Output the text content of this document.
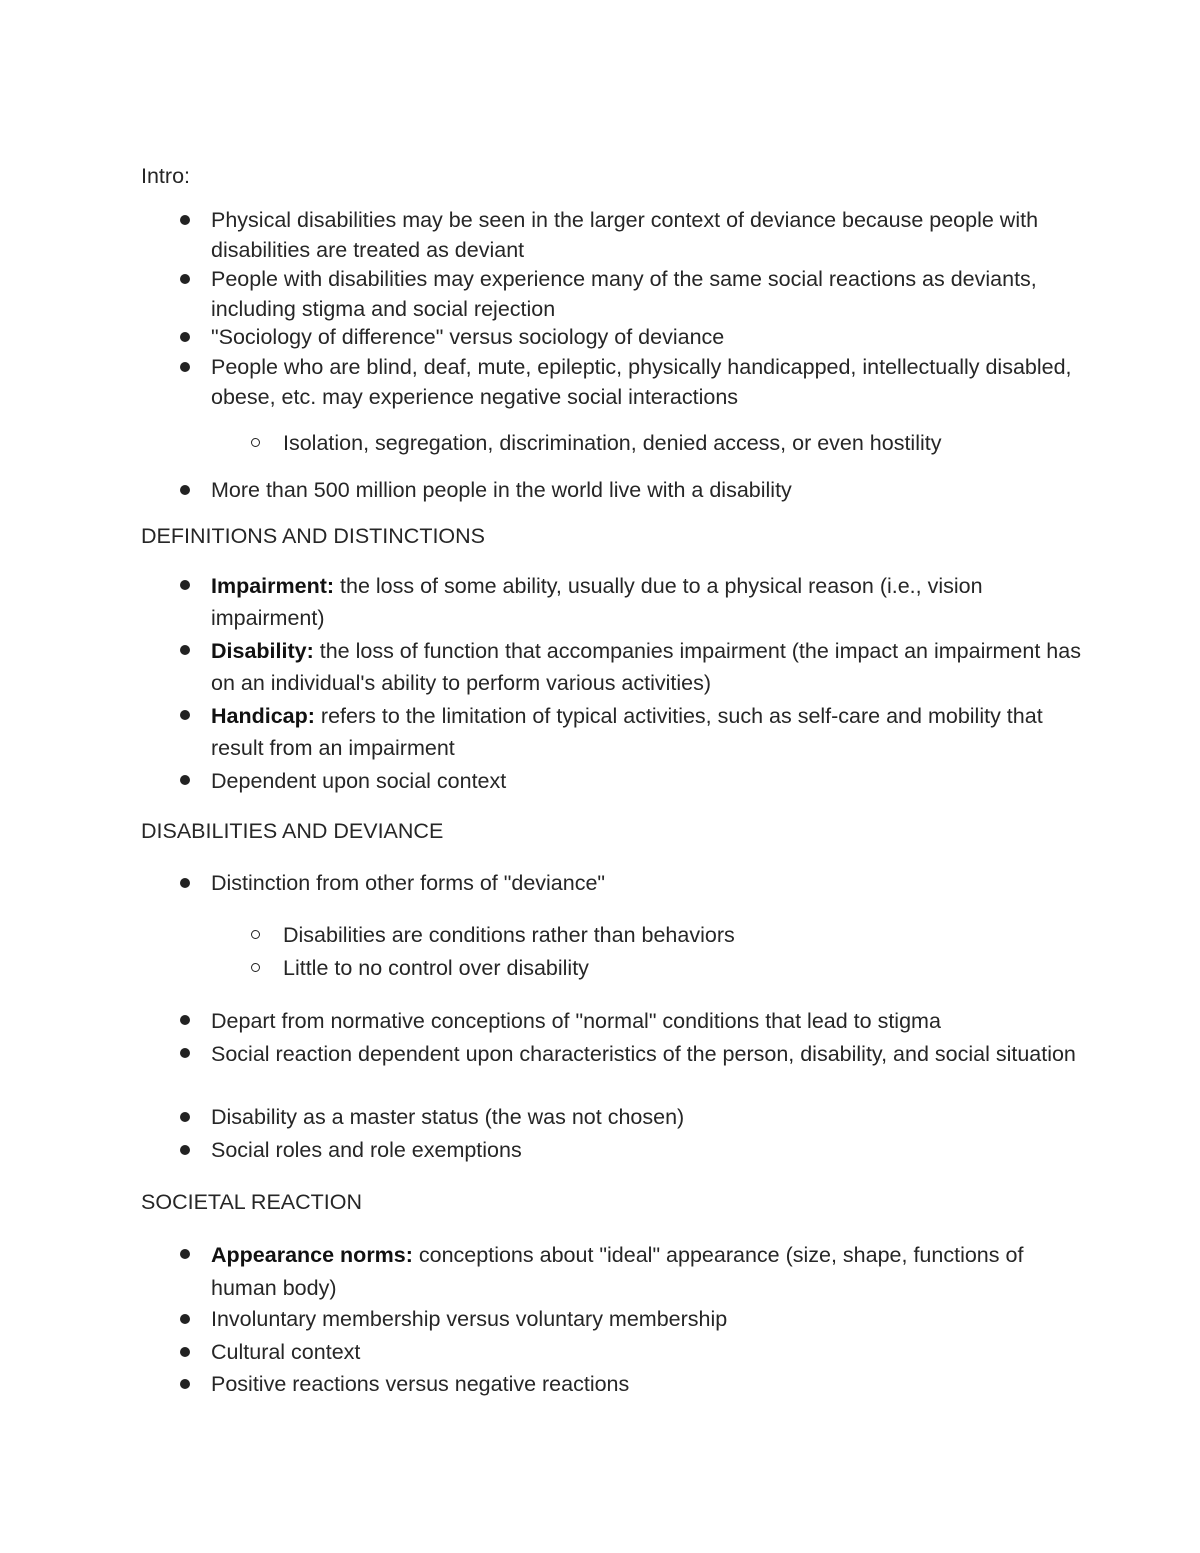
Intro:
Physical disabilities may be seen in the larger context of deviance because people with disabilities are treated as deviant
People with disabilities may experience many of the same social reactions as deviants, including stigma and social rejection
"Sociology of difference" versus sociology of deviance
People who are blind, deaf, mute, epileptic, physically handicapped, intellectually disabled, obese, etc. may experience negative social interactions
Isolation, segregation, discrimination, denied access, or even hostility
More than 500 million people in the world live with a disability
DEFINITIONS AND DISTINCTIONS
Impairment: the loss of some ability, usually due to a physical reason (i.e., vision impairment)
Disability: the loss of function that accompanies impairment (the impact an impairment has on an individual's ability to perform various activities)
Handicap: refers to the limitation of typical activities, such as self-care and mobility that result from an impairment
Dependent upon social context
DISABILITIES AND DEVIANCE
Distinction from other forms of "deviance"
Disabilities are conditions rather than behaviors
Little to no control over disability
Depart from normative conceptions of "normal" conditions that lead to stigma
Social reaction dependent upon characteristics of the person, disability, and social situation
Disability as a master status (the was not chosen)
Social roles and role exemptions
SOCIETAL REACTION
Appearance norms: conceptions about "ideal" appearance (size, shape, functions of human body)
Involuntary membership versus voluntary membership
Cultural context
Positive reactions versus negative reactions
